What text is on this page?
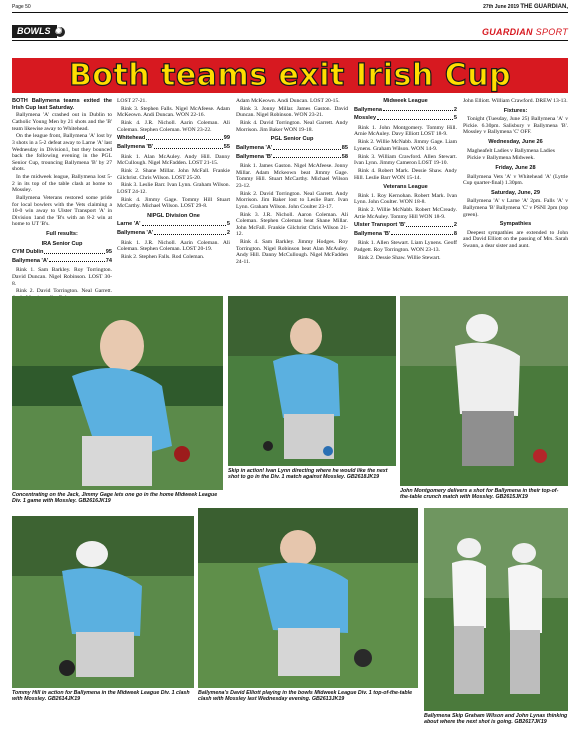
Page 50	27th June 2019 THE GUARDIAN,
BOWLS	GUARDIAN SPORT
Both teams exit Irish Cup

BOTH Ballymena teams exited the Irish Cup last Saturday.

Ballymena 'A' crashed out in Dublin to Catholic Young Men by 21 shots and the 'B' team likewise away to Whitehead.

On the league front, Ballymena 'A' lost by 3 shots in a 5-2 defeat away to Larne 'A' last Wednesday in Division1, but they bounced back the following evening in the PGL Senior Cup, trouncing Ballymena 'B' by 27 shots.

In the midweek league, Ballymena lost 5-2 in its top of the table clash at home to Mossley.

Ballymena Veterans restored some pride for local bowlers with the Vets claiming a 10-0 win away to Ulster Transport 'A' in Division 1and the 'B's with an 8-2 win at home to UT 'B's.

Full results:
IRA Senior Cup
CYM Dublin	95
Ballymena 'A'	74

Rink 1. Sam Barkley. Roy Torrington. David Duncan. Nigel Robinson. LOST 30-8.

Rink 2. David Torrington. Neal Garrett.

LOST 27-21.

Rink 3. Stephen Falls. Nigel McAfeese. Adam McKeown. Andi Duncan. WON 22-16.

Rink 4. J.R. Nicholl. Aarin Coleman. Ali Coleman. Stephen Coleman. WON 23-22.

Whitehead	99
Ballymena 'B'	55

Rink 1. Alan McAuley. Andy Hill. Danny McCullough. Nigel McFadden. LOST 21-15.

Rink 2. Shane Millar. John McFall. Frankie Gilchrist. Chris Wilson. LOST 25-20.

Rink 3. Leslie Barr. Ivan Lynn. Graham Wilson. LOST 24-12.

Rink 4. Jimmy Gage. Tommy Hill Stuart McCarthy. Michael Wilson. LOST 29-8.

NIPGL Division One
Larne 'A'	5
Ballymena 'A'	2

Rink 1. J.R. Nicholl. Aarin Coleman. Ali Coleman. Stephen Coleman. LOST 20-19.

Rink 2. Stephen Falls. Rod Coleman.

Adam McKeown. Andi Duncan. LOST 20-15.

Rink 3. Jonny Millar. James Gaston. David Duncan. Nigel Robinson. WON 23-21.

Rink 4. David Torrington. Neal Garrett. Andy Morrison. Jim Baker WON 19-18.

PGL Senior Cup
Ballymena 'A'	85
Ballymena 'B'	58

Rink 1. James Gaston. Nigel McAfeese. Jonny Millar. Adam Mckeown beat Jimmy Gage. Tommy Hill. Stuart McCarthy. Michael Wilson 23-12.

Rink 2. David Torrington. Neal Garrett. Andy Morrison. Jim Baker lost to Leslie Barr. Ivan Lynn. Graham Wilson. John Coulter 23-17.

Rink 3. J.R. Nicholl. Aaron Coleman. Ali Coleman. Stephen Coleman beat Shane Millar. John McFall. Frankie Gilchrist Chris Wilson 21-12.

Rink 4. Sam Barkley. Jimmy Hodges. Roy Torrington. Nigel Robinson beat Alan McAuley. Andy Hill. Danny McCullough. Nigel McFadden 24-11.

Midweek League
Ballymena	2
Mossley	5

Rink 1. John Montgomery. Tommy Hill. Arnie McAuley. Davy Elliott LOST 18-9.

Rink 2. Willie McNabb. Jimmy Gage. Liam Lynens. Graham Wilson. WON 14-9.

Rink 3. William Crawford. Allen Stewart. Ivan Lynn. Jimmy Cameron LOST 19-10.

Rink 4. Robert Mark. Dessie Shaw. Andy Hill. Leslie Barr WON 15-14.

Veterans League

Rink 1. Roy Kernohan. Robert Mark. Ivan Lynn. John Coulter. WON 18-8.

Rink 2. Willie McNabb. Robert McCready. Artie McAuley. Tommy Hill WON 18-9.

Ulster Transport 'B'	2
Ballymena 'B'	8

Rink 1. Allen Stewart. Liam Lynens. Geoff Padgett. Roy Torrington. WON 23-13.

Rink 2. Dessie Shaw. Willie Stewart.

John Elliott. William Crawford. DREW 13-13.

Fixtures:

Tonight (Tuesday, June 25) Ballymena 'A' v Pickie. 6.30pm. Salisbury v Ballymena 'B'. Mossley v Ballymena 'C' OFF.

Wednesday, June 26

Magheafelt Ladies v Ballymena Ladies

Pickie v Ballymena Midweek.

Friday, June 28

Ballymena Vets 'A' v Whitehead 'A' (Lyttle Cup quarter-final) 1.30pm.

Saturday, June, 29

Ballymena 'A' v Larne 'A' 2pm. Falls 'A' v Ballymena 'B' Ballymena 'C' v PSNI 2pm (top green).

Sympathies

Deepest sympathies are extended to John and David Elliott on the passing of Mrs. Sarah Swann, a dear sister and aunt.

Concentrating on the Jack, Jimmy Gage lets one go in the home Midweek League Div. 1 game with Mossley. GB2616JK19
Skip in action! Ivan Lynn directing where he would like the next shot to go in the Div. 1 match against Mossley. GB2618JK19
John Montgomery delivers a shot for Ballymena in their top-of-the-table crunch match with Mossley. GB2615JK19
Tommy Hill in action for Ballymena in the Midweek League Div. 1 clash with Mossley. GB2614JK19
Ballymena's David Elliott playing in the bowls Midweek League Div. 1 top-of-the-table clash with Mossley last Wednesday evening. GB2613JK19
Ballymena Skip Graham Wilson and John Lynas thinking about where the next shot is going. GB2617JK19
